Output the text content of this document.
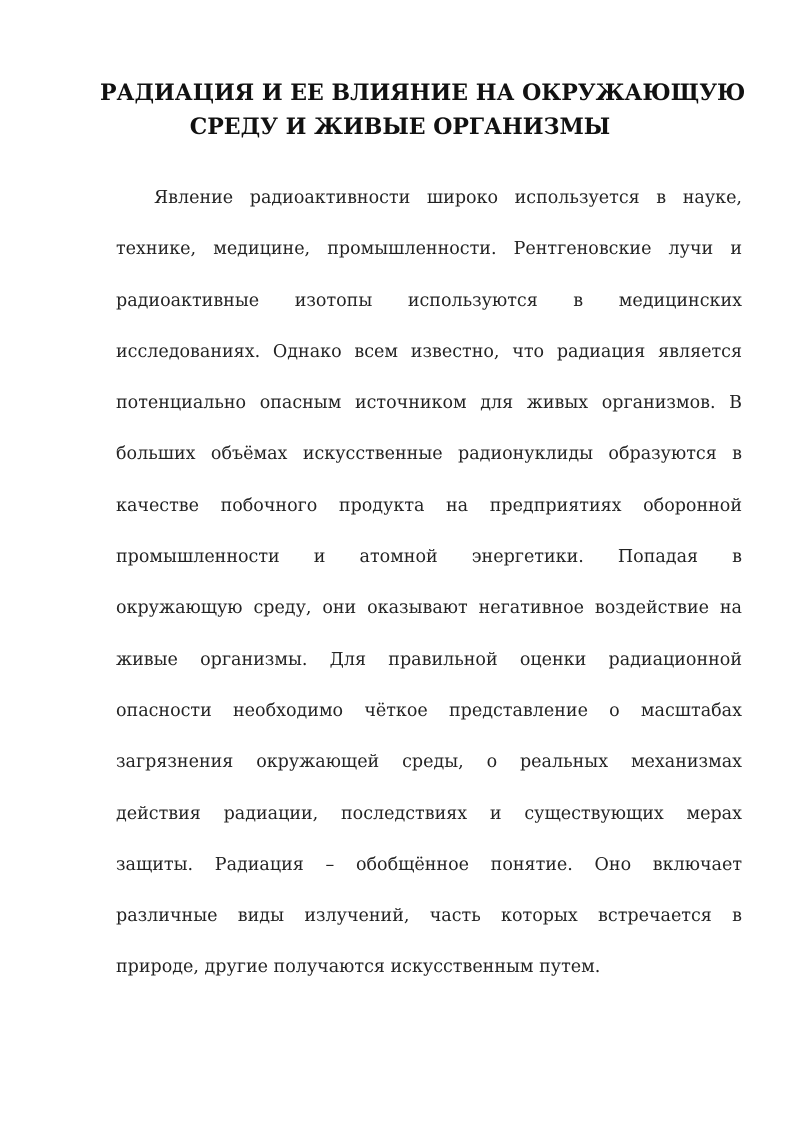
РАДИАЦИЯ И ЕЕ ВЛИЯНИЕ НА ОКРУЖАЮЩУЮ
СРЕДУ И ЖИВЫЕ ОРГАНИЗМЫ
Явление радиоактивности широко используется в науке,
технике, медицине, промышленности. Рентгеновские лучи и
радиоактивные изотопы используются в медицинских
исследованиях. Однако всем известно, что радиация является
потенциально опасным источником для живых организмов. В
больших объёмах искусственные радионуклиды образуются в
качестве побочного продукта на предприятиях оборонной
промышленности и атомной энергетики. Попадая в
окружающую среду, они оказывают негативное воздействие на
живые организмы. Для правильной оценки радиационной
опасности необходимо чёткое представление о масштабах
загрязнения окружающей среды, о реальных механизмах
действия радиации, последствиях и существующих мерах
защиты. Радиация – обобщённое понятие. Оно включает
различные виды излучений, часть которых встречается в
природе, другие получаются искусственным путем.
